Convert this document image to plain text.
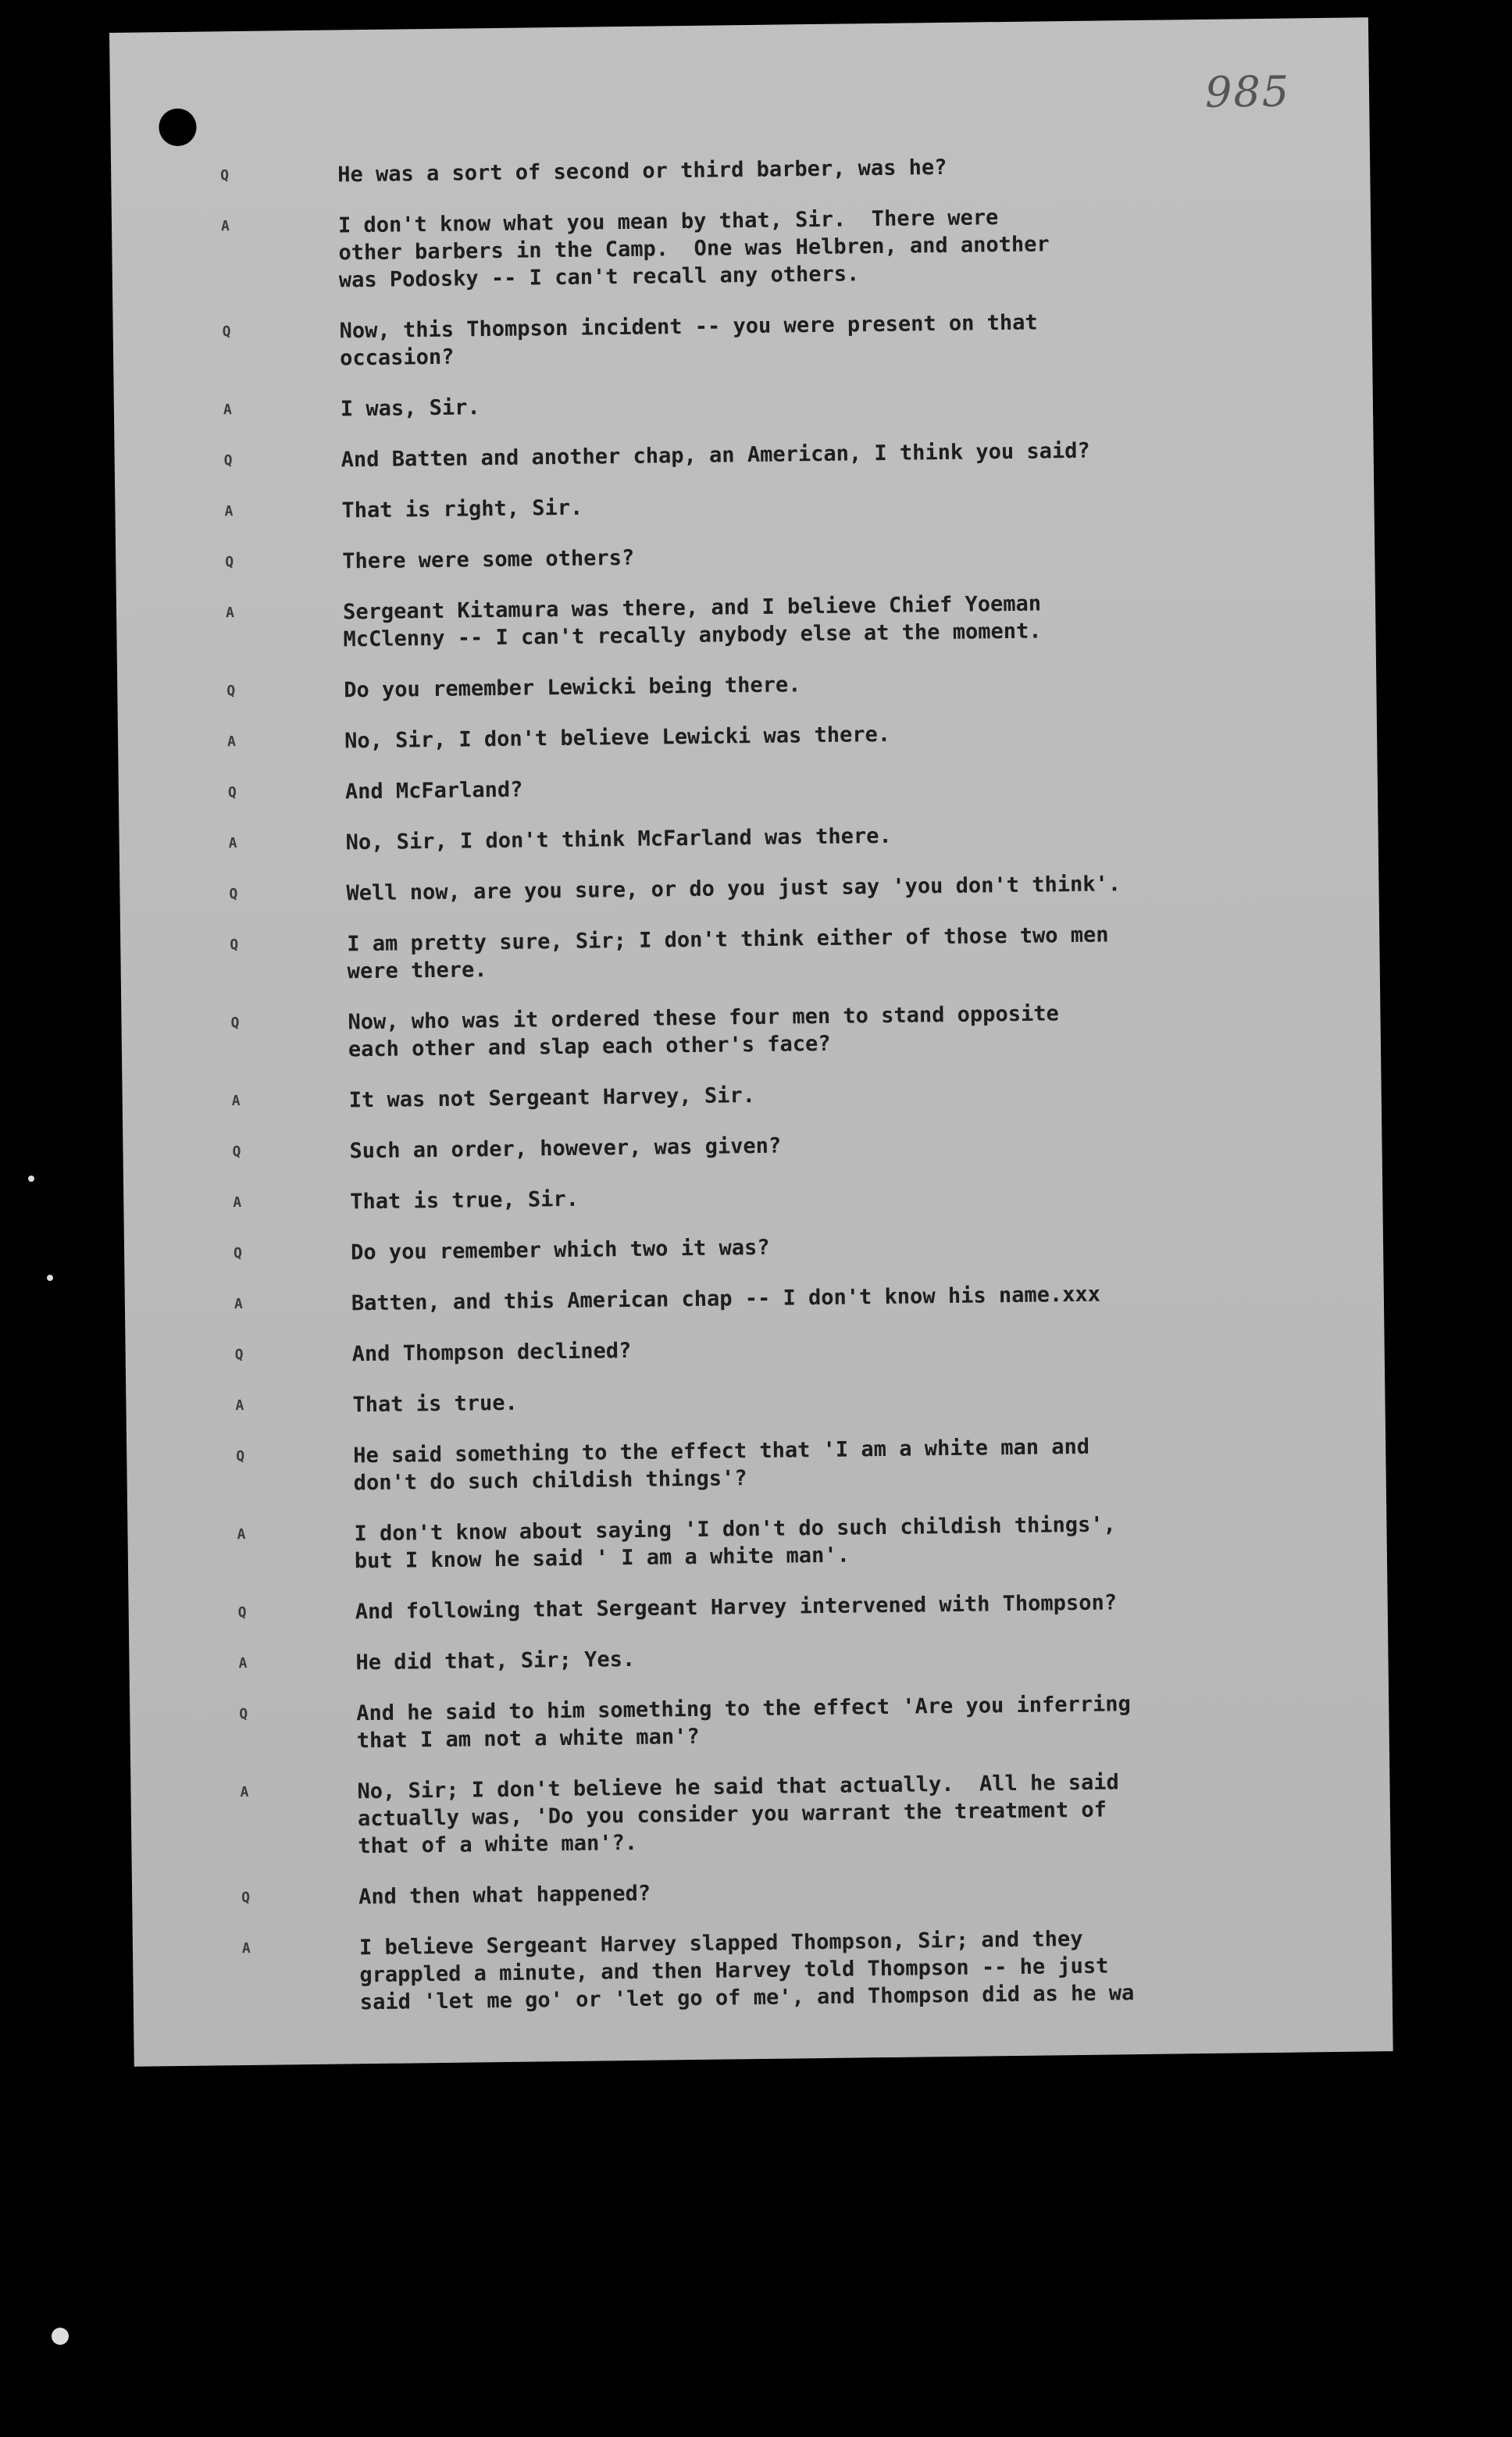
985
Q	He was a sort of second or third barber, was he?
A	I don't know what you mean by that, Sir.  There were
other barbers in the Camp.  One was Helbren, and another
was Podosky -- I can't recall any others.
Q	Now, this Thompson incident -- you were present on that
occasion?
A	I was, Sir.
Q	And Batten and another chap, an American, I think you said?
A	That is right, Sir.
Q	There were some others?
A	Sergeant Kitamura was there, and I believe Chief Yoeman
McClenny -- I can't recally anybody else at the moment.
Q	Do you remember Lewicki being there.
A	No, Sir, I don't believe Lewicki was there.
Q	And McFarland?
A	No, Sir, I don't think McFarland was there.
Q	Well now, are you sure, or do you just say 'you don't think'.
Q	I am pretty sure, Sir; I don't think either of those two men
were there.
Q	Now, who was it ordered these four men to stand opposite
each other and slap each other's face?
A	It was not Sergeant Harvey, Sir.
Q	Such an order, however, was given?
A	That is true, Sir.
Q	Do you remember which two it was?
A	Batten, and this American chap -- I don't know his name.xxx
Q	And Thompson declined?
A	That is true.
Q	He said something to the effect that 'I am a white man and
don't do such childish things'?
A	I don't know about saying 'I don't do such childish things',
but I know he said ' I am a white man'.
Q	And following that Sergeant Harvey intervened with Thompson?
A	He did that, Sir; Yes.
Q	And he said to him something to the effect 'Are you inferring
that I am not a white man'?
A	No, Sir; I don't believe he said that actually.  All he said
actually was, 'Do you consider you warrant the treatment of
that of a white man'?.
Q	And then what happened?
A	I believe Sergeant Harvey slapped Thompson, Sir; and they
grappled a minute, and then Harvey told Thompson -- he just
said 'let me go' or 'let go of me', and Thompson did as he wa
